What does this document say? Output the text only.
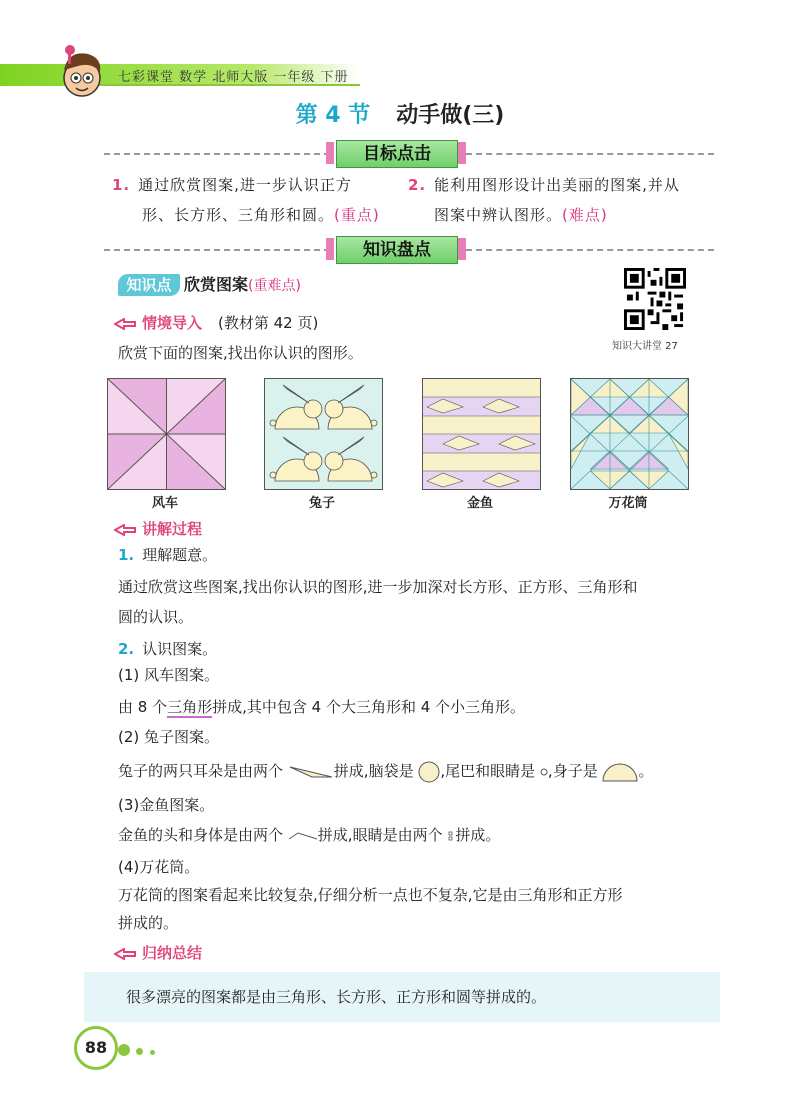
七彩课堂 数学 北师大版 一年级 下册
第 4 节 动手做(三)
目标点击
1. 通过欣赏图案,进一步认识正方
形、长方形、三角形和圆。(重点)
2. 能利用图形设计出美丽的图案,并从
图案中辨认图形。(难点)
知识盘点
知识点 欣赏图案(重难点)
知识大讲堂 27
情境导入 (教材第 42 页)
欣赏下面的图案,找出你认识的图形。
风车	兔子	金鱼	万花筒
讲解过程
1. 理解题意。
通过欣赏这些图案,找出你认识的图形,进一步加深对长方形、正方形、三角形和
圆的认识。
2. 认识图案。
(1) 风车图案。
由 8 个三角形拼成,其中包含 4 个大三角形和 4 个小三角形。
(2) 兔子图案。
兔子的两只耳朵是由两个	拼成,脑袋是 ,尾巴和眼睛是 ,身子是	。
(3)金鱼图案。
金鱼的头和身体是由两个 拼成,眼睛是由两个 拼成。
(4)万花筒。
万花筒的图案看起来比较复杂,仔细分析一点也不复杂,它是由三角形和正方形
拼成的。
归纳总结
很多漂亮的图案都是由三角形、长方形、正方形和圆等拼成的。
88
